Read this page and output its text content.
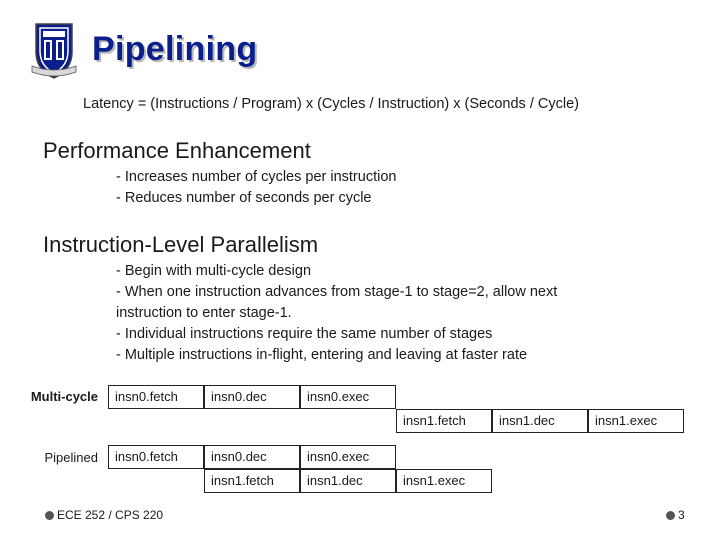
Pipelining
Latency = (Instructions / Program) x (Cycles / Instruction) x (Seconds / Cycle)
Performance Enhancement
- Increases number of cycles per instruction
- Reduces number of seconds per cycle
Instruction-Level Parallelism
- Begin with multi-cycle design
- When one instruction advances from stage-1 to stage=2, allow next
instruction to enter stage-1.
- Individual instructions require the same number of stages
- Multiple instructions in-flight, entering and leaving at faster rate
Multi-cycle	insn0.fetch	insn0.dec	insn0.exec
insn1.fetch	insn1.dec	insn1.exec
Pipelined	insn0.fetch	insn0.dec	insn0.exec
insn1.fetch	insn1.dec	insn1.exec
ECE 252 / CPS 220	3
